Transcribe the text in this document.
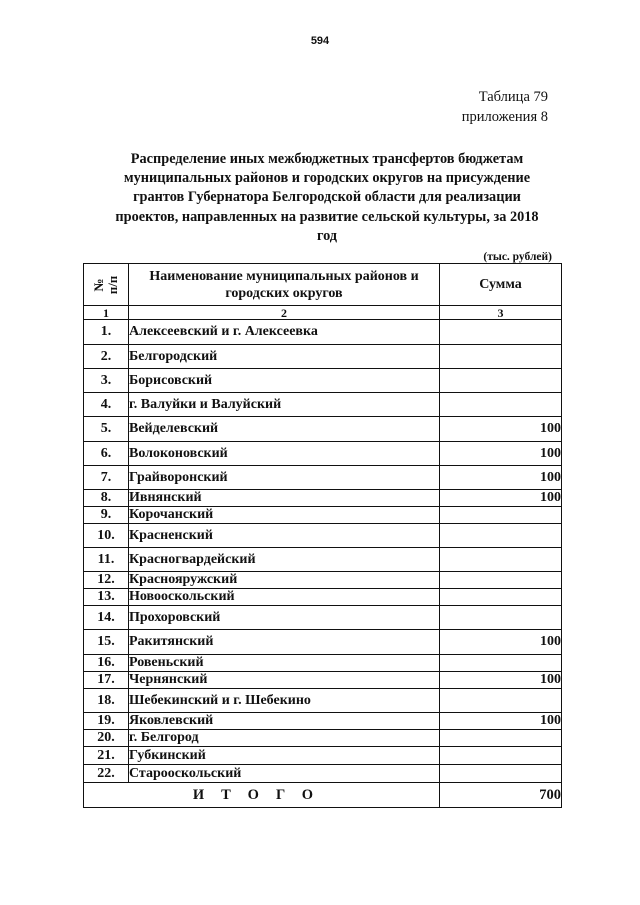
594
Таблица 79
приложения 8
Распределение иных межбюджетных трансфертов бюджетам
муниципальных районов и городских округов на присуждение
грантов Губернатора Белгородской области для реализации
проектов, направленных на развитие сельской культуры, за 2018
год
(тыс. рублей)
№ п/п	Наименование муниципальных районов и городских округов	Сумма
1	2	3
1.	Алексеевский и г. Алексеевка	
2.	Белгородский	
3.	Борисовский	
4.	г. Валуйки и Валуйский	
5.	Вейделевский	100
6.	Волоконовский	100
7.	Грайворонский	100
8.	Ивнянский	100
9.	Корочанский	
10.	Красненский	
11.	Красногвардейский	
12.	Краснояружский	
13.	Новооскольский	
14.	Прохоровский	
15.	Ракитянский	100
16.	Ровеньский	
17.	Чернянский	100
18.	Шебекинский и г. Шебекино	
19.	Яковлевский	100
20.	г. Белгород	
21.	Губкинский	
22.	Старооскольский	
ИТОГО		700
